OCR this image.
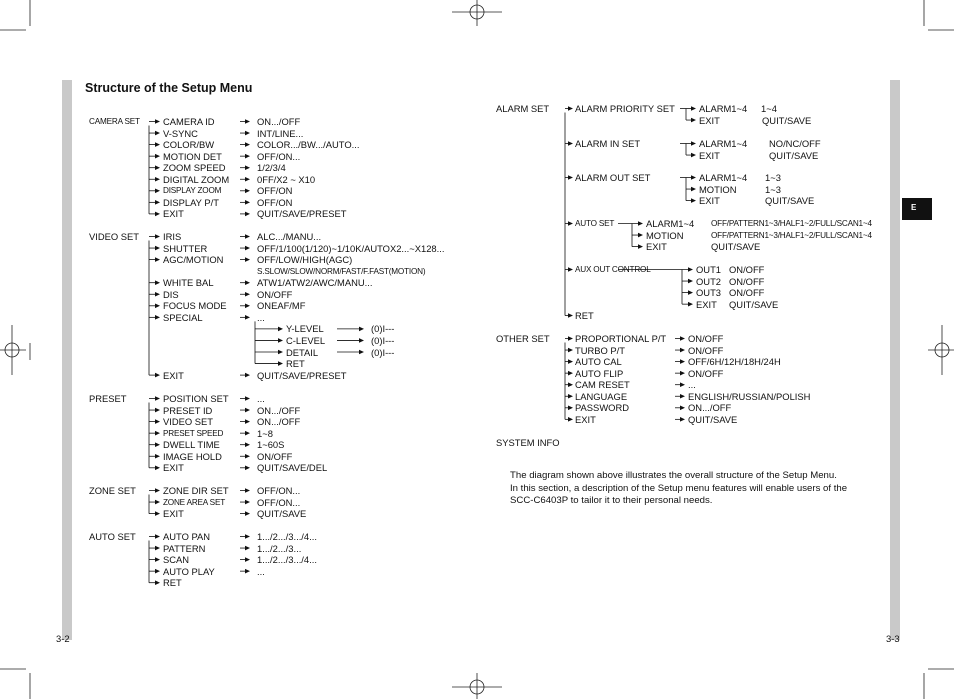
Structure of the Setup Menu
E
CAMERA SET CAMERA ID	ON.../OFF
V-SYNC	INT/LINE...
COLOR/BW	COLOR.../BW.../AUTO...
MOTION DET	OFF/ON...
ZOOM SPEED	1/2/3/4
DIGITAL ZOOM	0FF/X2 ~ X10
DISPLAY ZOOM	OFF/ON
DISPLAY P/T	OFF/ON
EXIT	QUIT/SAVE/PRESET
VIDEO SET	IRIS	ALC.../MANU...
SHUTTER	OFF/1/100(1/120)~1/10K/AUTOX2...~X128...
AGC/MOTION	OFF/LOW/HIGH(AGC)
S.SLOW/SLOW/NORM/FAST/F.FAST(MOTION)
WHITE BAL	ATW1/ATW2/AWC/MANU...
DIS	ON/OFF
FOCUS MODE	ONEAF/MF
SPECIAL	...
Y-LEVEL	(0)I---
C-LEVEL	(0)I---
DETAIL	(0)I---
RET
EXIT	QUIT/SAVE/PRESET
PRESET	POSITION SET	...
PRESET ID	ON.../OFF
VIDEO SET	ON.../OFF
PRESET SPEED	1~8
DWELL TIME	1~60S
IMAGE HOLD	ON/OFF
EXIT	QUIT/SAVE/DEL
ZONE SET	ZONE DIR SET	OFF/ON...
ZONE AREA SET	OFF/ON...
EXIT	QUIT/SAVE
AUTO SET	AUTO PAN	1.../2.../3.../4...
PATTERN	1.../2.../3...
SCAN	1.../2.../3.../4...
AUTO PLAY	...
RET
ALARM SET	ALARM PRIORITY SET	ALARM1~4 1~4
EXIT	QUIT/SAVE
ALARM IN SET	ALARM1~4 NO/NC/OFF
EXIT	QUIT/SAVE
ALARM OUT SET	ALARM1~4 1~3
MOTION	1~3
EXIT	QUIT/SAVE
AUTO SET	ALARM1~4 OFF/PATTERN1~3/HALF1~2/FULL/SCAN1~4
MOTION	OFF/PATTERN1~3/HALF1~2/FULL/SCAN1~4
EXIT	QUIT/SAVE
AUX OUT CONTROL	OUT1 ON/OFF
OUT2 ON/OFF
OUT3 ON/OFF
EXIT QUIT/SAVE
RET
OTHER SET	PROPORTIONAL P/T ON/OFF
TURBO P/T	ON/OFF
AUTO CAL	OFF/6H/12H/18H/24H
AUTO FLIP	ON/OFF
CAM RESET	...
LANGUAGE	ENGLISH/RUSSIAN/POLISH
PASSWORD	ON.../OFF
EXIT	QUIT/SAVE
SYSTEM INFO
The diagram shown above illustrates the overall structure of the Setup Menu.
In this section, a description of the Setup menu features will enable users of the
SCC-C6403P to tailor it to their personal needs.
3-2	3-3
